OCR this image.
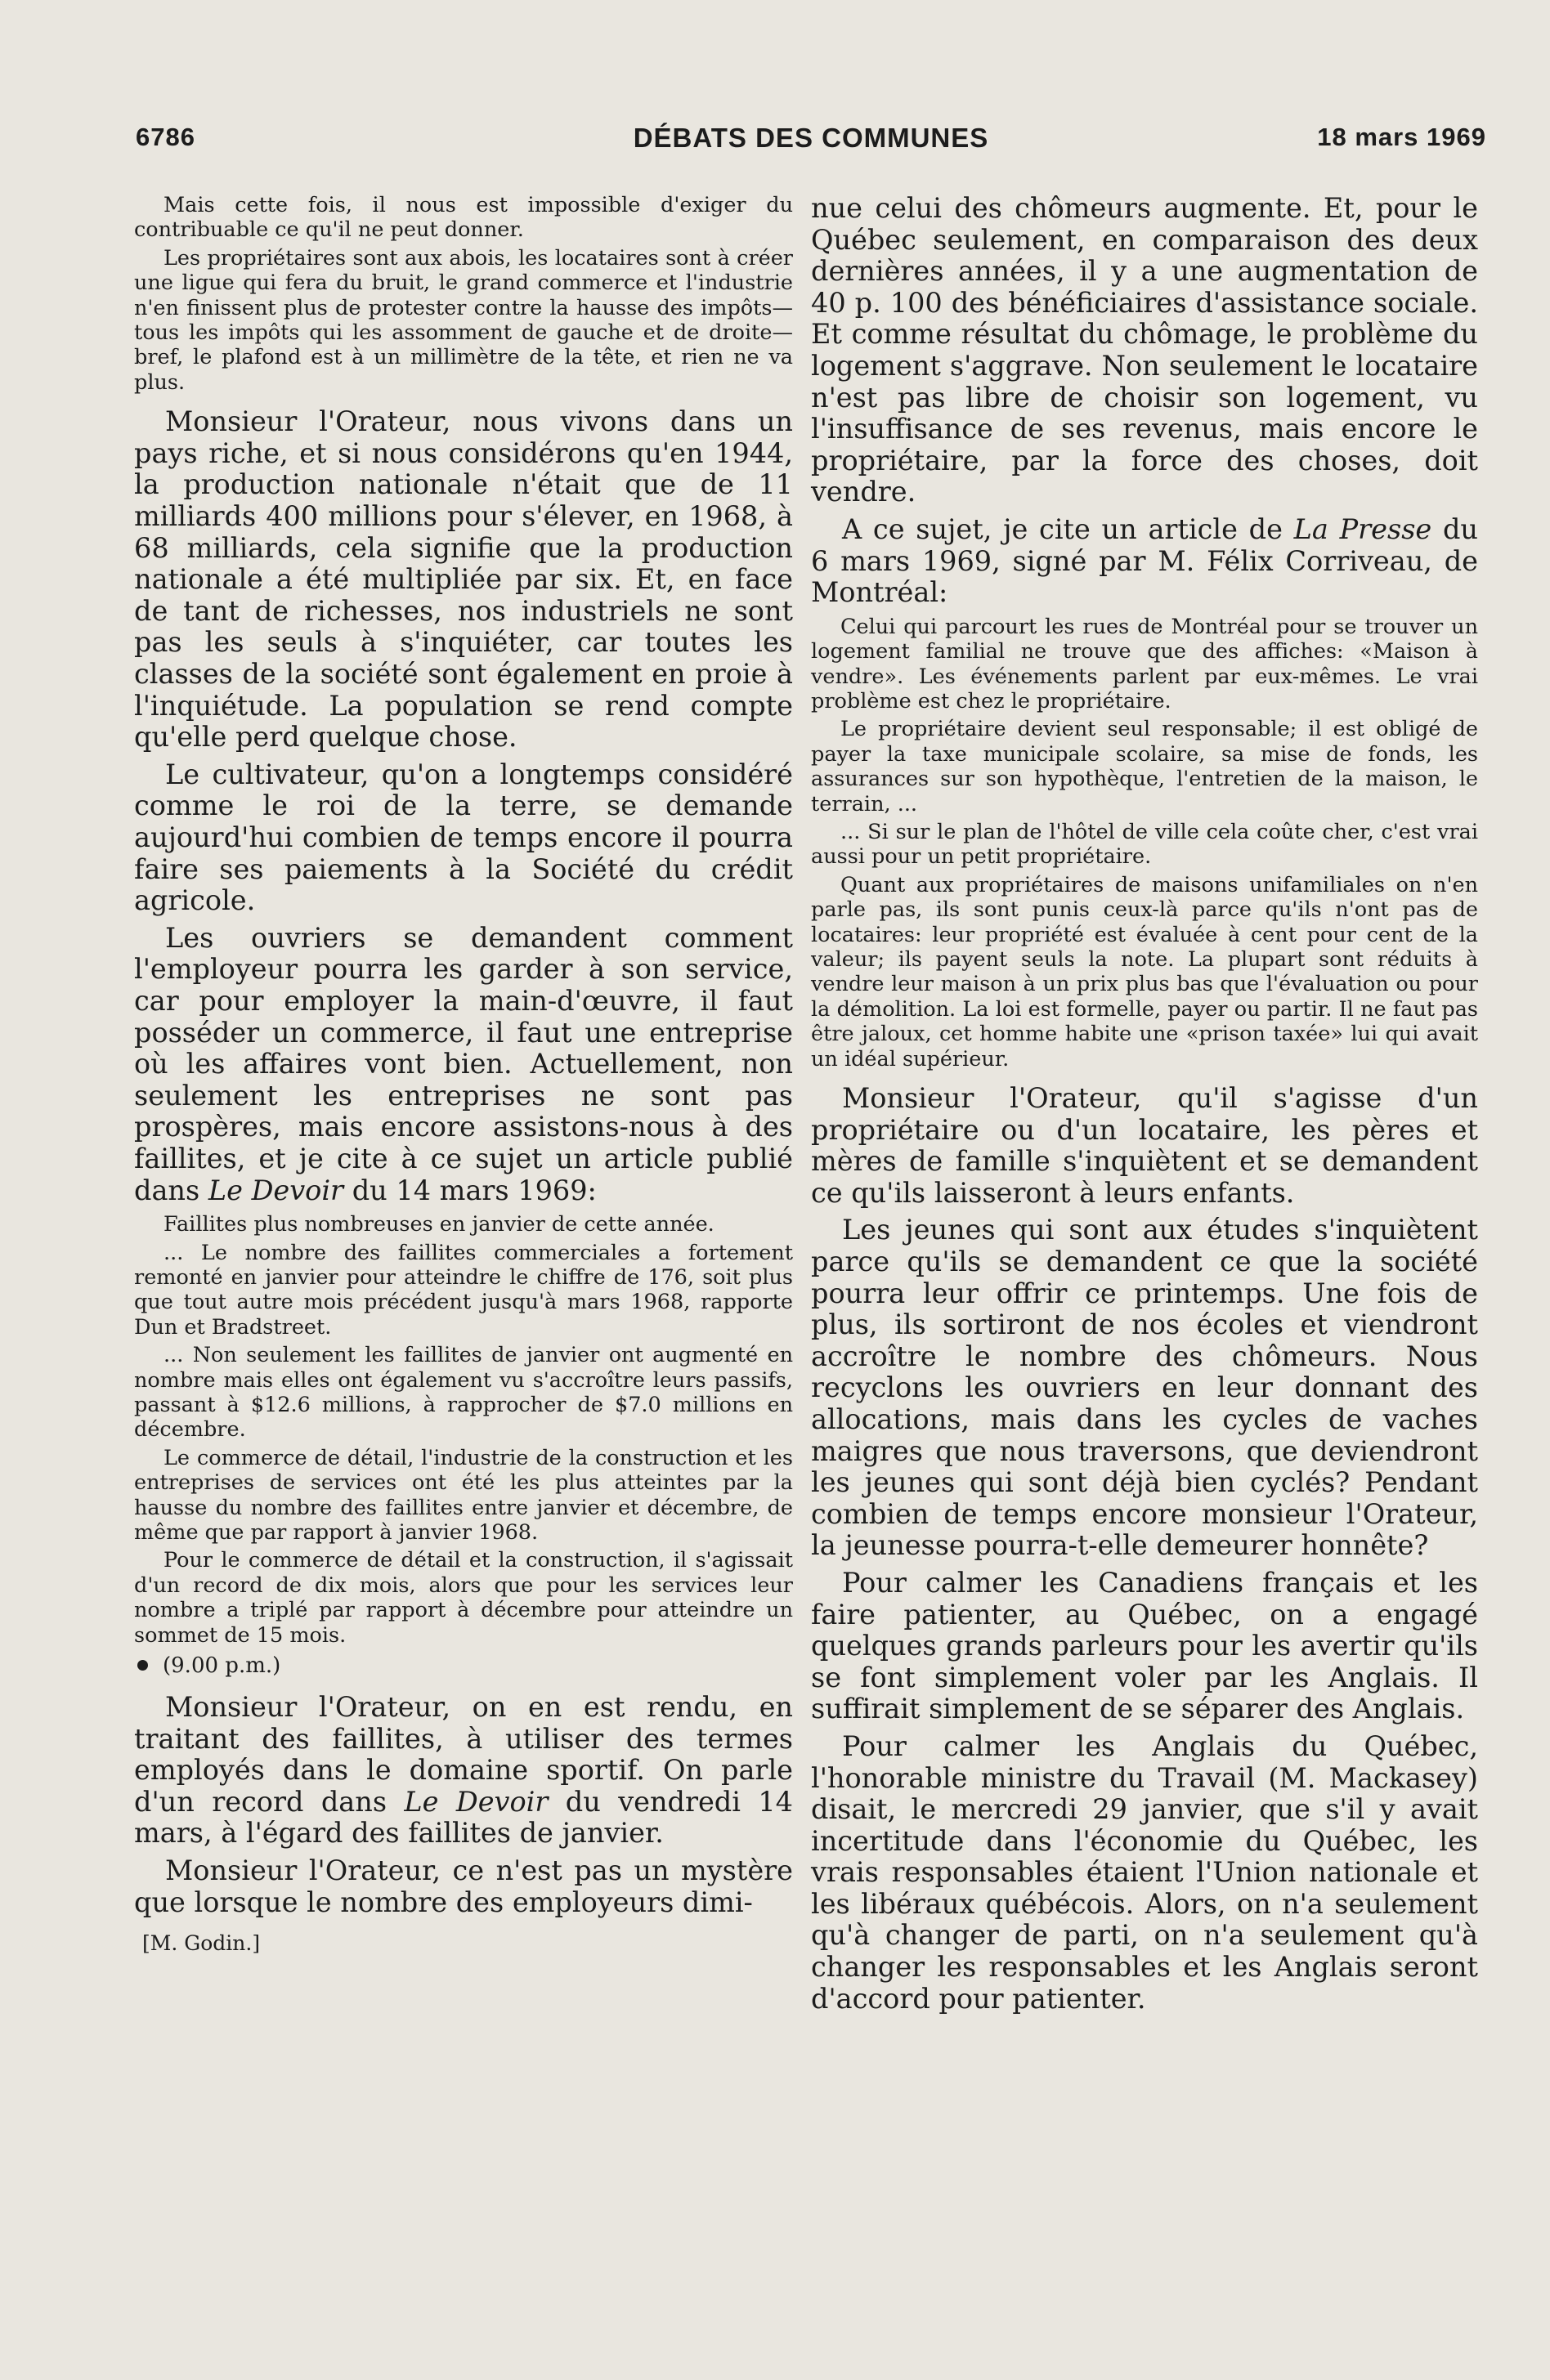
6786	DÉBATS DES COMMUNES	18 mars 1969

Mais cette fois, il nous est impossible d'exiger du contribuable ce qu'il ne peut donner.

Les propriétaires sont aux abois, les locataires sont à créer une ligue qui fera du bruit, le grand commerce et l'industrie n'en finissent plus de protester contre la hausse des impôts—tous les impôts qui les assomment de gauche et de droite—bref, le plafond est à un millimètre de la tête, et rien ne va plus.

Monsieur l'Orateur, nous vivons dans un pays riche, et si nous considérons qu'en 1944, la production nationale n'était que de 11 milliards 400 millions pour s'élever, en 1968, à 68 milliards, cela signifie que la production nationale a été multipliée par six. Et, en face de tant de richesses, nos industriels ne sont pas les seuls à s'inquiéter, car toutes les classes de la société sont également en proie à l'inquiétude. La population se rend compte qu'elle perd quelque chose.

Le cultivateur, qu'on a longtemps considéré comme le roi de la terre, se demande aujourd'hui combien de temps encore il pourra faire ses paiements à la Société du crédit agricole.

Les ouvriers se demandent comment l'employeur pourra les garder à son service, car pour employer la main-d'œuvre, il faut posséder un commerce, il faut une entreprise où les affaires vont bien. Actuellement, non seulement les entreprises ne sont pas prospères, mais encore assistons-nous à des faillites, et je cite à ce sujet un article publié dans Le Devoir du 14 mars 1969:

Faillites plus nombreuses en janvier de cette année.

... Le nombre des faillites commerciales a fortement remonté en janvier pour atteindre le chiffre de 176, soit plus que tout autre mois précédent jusqu'à mars 1968, rapporte Dun et Bradstreet.

... Non seulement les faillites de janvier ont augmenté en nombre mais elles ont également vu s'accroître leurs passifs, passant à $12.6 millions, à rapprocher de $7.0 millions en décembre.

Le commerce de détail, l'industrie de la construction et les entreprises de services ont été les plus atteintes par la hausse du nombre des faillites entre janvier et décembre, de même que par rapport à janvier 1968.

Pour le commerce de détail et la construction, il s'agissait d'un record de dix mois, alors que pour les services leur nombre a triplé par rapport à décembre pour atteindre un sommet de 15 mois.

(9.00 p.m.)

Monsieur l'Orateur, on en est rendu, en traitant des faillites, à utiliser des termes employés dans le domaine sportif. On parle d'un record dans Le Devoir du vendredi 14 mars, à l'égard des faillites de janvier.

Monsieur l'Orateur, ce n'est pas un mystère que lorsque le nombre des employeurs dimi-

[M. Godin.]

nue celui des chômeurs augmente. Et, pour le Québec seulement, en comparaison des deux dernières années, il y a une augmentation de 40 p. 100 des bénéficiaires d'assistance sociale. Et comme résultat du chômage, le problème du logement s'aggrave. Non seulement le locataire n'est pas libre de choisir son logement, vu l'insuffisance de ses revenus, mais encore le propriétaire, par la force des choses, doit vendre.

A ce sujet, je cite un article de La Presse du 6 mars 1969, signé par M. Félix Corriveau, de Montréal:

Celui qui parcourt les rues de Montréal pour se trouver un logement familial ne trouve que des affiches: «Maison à vendre». Les événements parlent par eux-mêmes. Le vrai problème est chez le propriétaire.

Le propriétaire devient seul responsable; il est obligé de payer la taxe municipale scolaire, sa mise de fonds, les assurances sur son hypothèque, l'entretien de la maison, le terrain, ...

... Si sur le plan de l'hôtel de ville cela coûte cher, c'est vrai aussi pour un petit propriétaire.

Quant aux propriétaires de maisons unifamiliales on n'en parle pas, ils sont punis ceux-là parce qu'ils n'ont pas de locataires: leur propriété est évaluée à cent pour cent de la valeur; ils payent seuls la note. La plupart sont réduits à vendre leur maison à un prix plus bas que l'évaluation ou pour la démolition. La loi est formelle, payer ou partir. Il ne faut pas être jaloux, cet homme habite une «prison taxée» lui qui avait un idéal supérieur.

Monsieur l'Orateur, qu'il s'agisse d'un propriétaire ou d'un locataire, les pères et mères de famille s'inquiètent et se demandent ce qu'ils laisseront à leurs enfants.

Les jeunes qui sont aux études s'inquiètent parce qu'ils se demandent ce que la société pourra leur offrir ce printemps. Une fois de plus, ils sortiront de nos écoles et viendront accroître le nombre des chômeurs. Nous recyclons les ouvriers en leur donnant des allocations, mais dans les cycles de vaches maigres que nous traversons, que deviendront les jeunes qui sont déjà bien cyclés? Pendant combien de temps encore monsieur l'Orateur, la jeunesse pourra-t-elle demeurer honnête?

Pour calmer les Canadiens français et les faire patienter, au Québec, on a engagé quelques grands parleurs pour les avertir qu'ils se font simplement voler par les Anglais. Il suffirait simplement de se séparer des Anglais.

Pour calmer les Anglais du Québec, l'honorable ministre du Travail (M. Mackasey) disait, le mercredi 29 janvier, que s'il y avait incertitude dans l'économie du Québec, les vrais responsables étaient l'Union nationale et les libéraux québécois. Alors, on n'a seulement qu'à changer de parti, on n'a seulement qu'à changer les responsables et les Anglais seront d'accord pour patienter.
